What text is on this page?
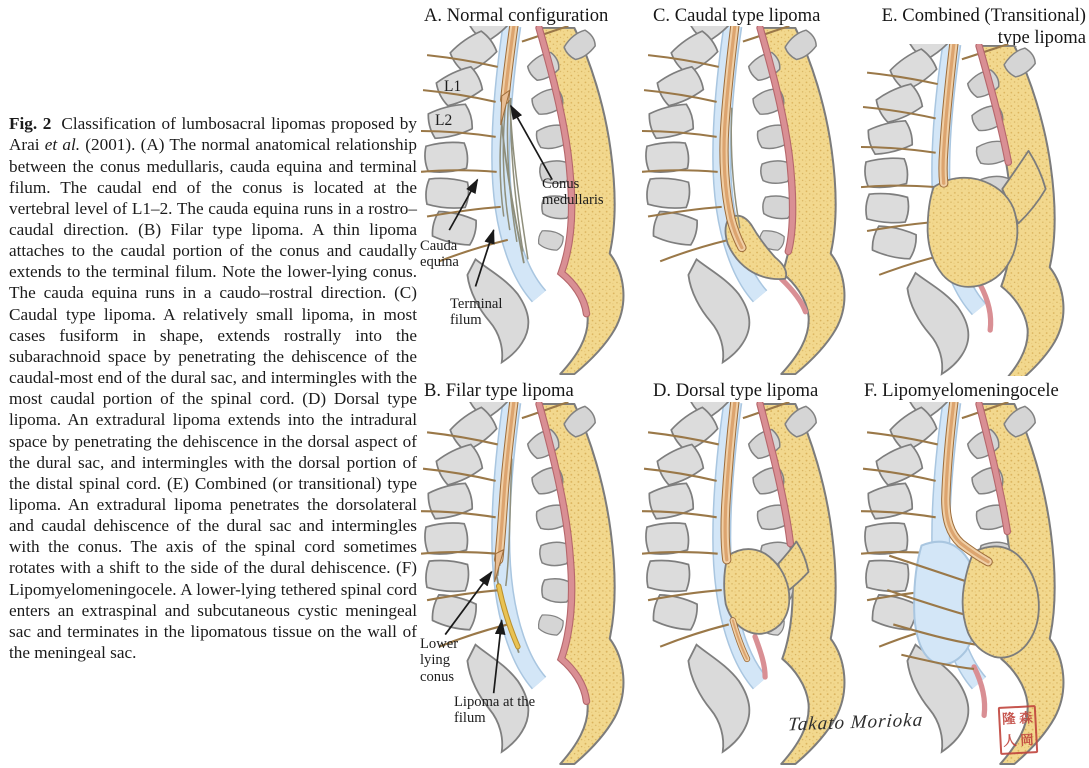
Fig. 2 Classification of lumbosacral lipomas proposed by Arai et al. (2001). (A) The normal anatomical relationship between the conus medullaris, cauda equina and terminal filum. The caudal end of the conus is located at the vertebral level of L1–2. The cauda equina runs in a rostro–caudal direction. (B) Filar type lipoma. A thin lipoma attaches to the caudal portion of the conus and caudally extends to the terminal filum. Note the lower-lying conus. The cauda equina runs in a caudo–rostral direction. (C) Caudal type lipoma. A relatively small lipoma, in most cases fusiform in shape, extends rostrally into the subarachnoid space by penetrating the dehiscence of the caudal-most end of the dural sac, and intermingles with the most caudal portion of the spinal cord. (D) Dorsal type lipoma. An extradural lipoma extends into the intradural space by penetrating the dehiscence in the dorsal aspect of the dural sac, and intermingles with the dorsal portion of the distal spinal cord. (E) Combined (or transitional) type lipoma. An extradural lipoma penetrates the dorsolateral and caudal dehiscence of the dural sac and intermingles with the conus. The axis of the spinal cord sometimes rotates with a shift to the side of the dural dehiscence. (F) Lipomyelomeningocele. A lower-lying tethered spinal cord enters an extraspinal and subcutaneous cystic meningeal sac and terminates in the lipomatous tissue on the wall of the meningeal sac.

A. Normal configuration
L1
L2
Conus medullaris
Cauda equina
Terminal filum
C. Caudal type lipoma	E. Combined (Transitional)
type lipoma
B. Filar type lipoma
Lower lying conus
Lipoma at the filum
D. Dorsal type lipoma F. Lipomyelomeningocele
Takato Morioka	隆 森
人 岡
